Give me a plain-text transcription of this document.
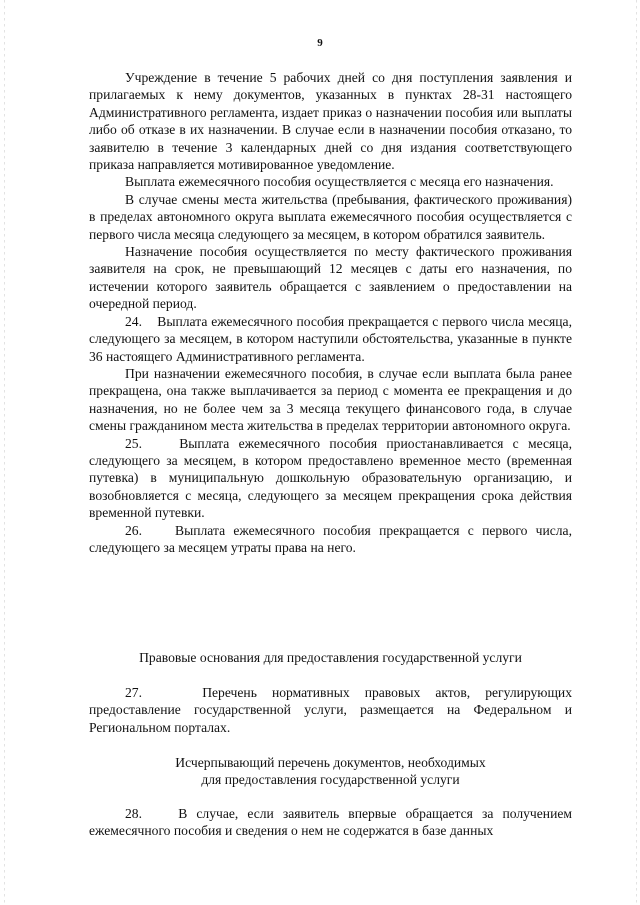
9

Учреждение в течение 5 рабочих дней со дня поступления заявления и прилагаемых к нему документов, указанных в пунктах 28-31 настоящего Административного регламента, издает приказ о назначении пособия или выплаты либо об отказе в их назначении. В случае если в назначении пособия отказано, то заявителю в течение 3 календарных дней со дня издания соответствующего приказа направляется мотивированное уведомление.

Выплата ежемесячного пособия осуществляется с месяца его назначения.

В случае смены места жительства (пребывания, фактического проживания) в пределах автономного округа выплата ежемесячного пособия осуществляется с первого числа месяца следующего за месяцем, в котором обратился заявитель.

Назначение пособия осуществляется по месту фактического проживания заявителя на срок, не превышающий 12 месяцев с даты его назначения, по истечении которого заявитель обращается с заявлением о предоставлении на очередной период.

24.    Выплата ежемесячного пособия прекращается с первого числа месяца, следующего за месяцем, в котором наступили обстоятельства, указанные в пункте 36 настоящего Административного регламента.

При назначении ежемесячного пособия, в случае если выплата была ранее прекращена, она также выплачивается за период с момента ее прекращения и до назначения, но не более чем за 3 месяца текущего финансового года, в случае смены гражданином места жительства в пределах территории автономного округа.

25.    Выплата ежемесячного пособия приостанавливается с месяца, следующего за месяцем, в котором предоставлено временное место (временная путевка) в муниципальную дошкольную образовательную организацию, и возобновляется с месяца, следующего за месяцем прекращения срока действия временной путевки.

26.    Выплата ежемесячного пособия прекращается с первого числа, следующего за месяцем утраты права на него.

Правовые основания для предоставления государственной услуги

27.    Перечень нормативных правовых актов, регулирующих предоставление государственной услуги, размещается на Федеральном и Региональном порталах.

Исчерпывающий перечень документов, необходимых
для предоставления государственной услуги

28.    В случае, если заявитель впервые обращается за получением ежемесячного пособия и сведения о нем не содержатся в базе данных
